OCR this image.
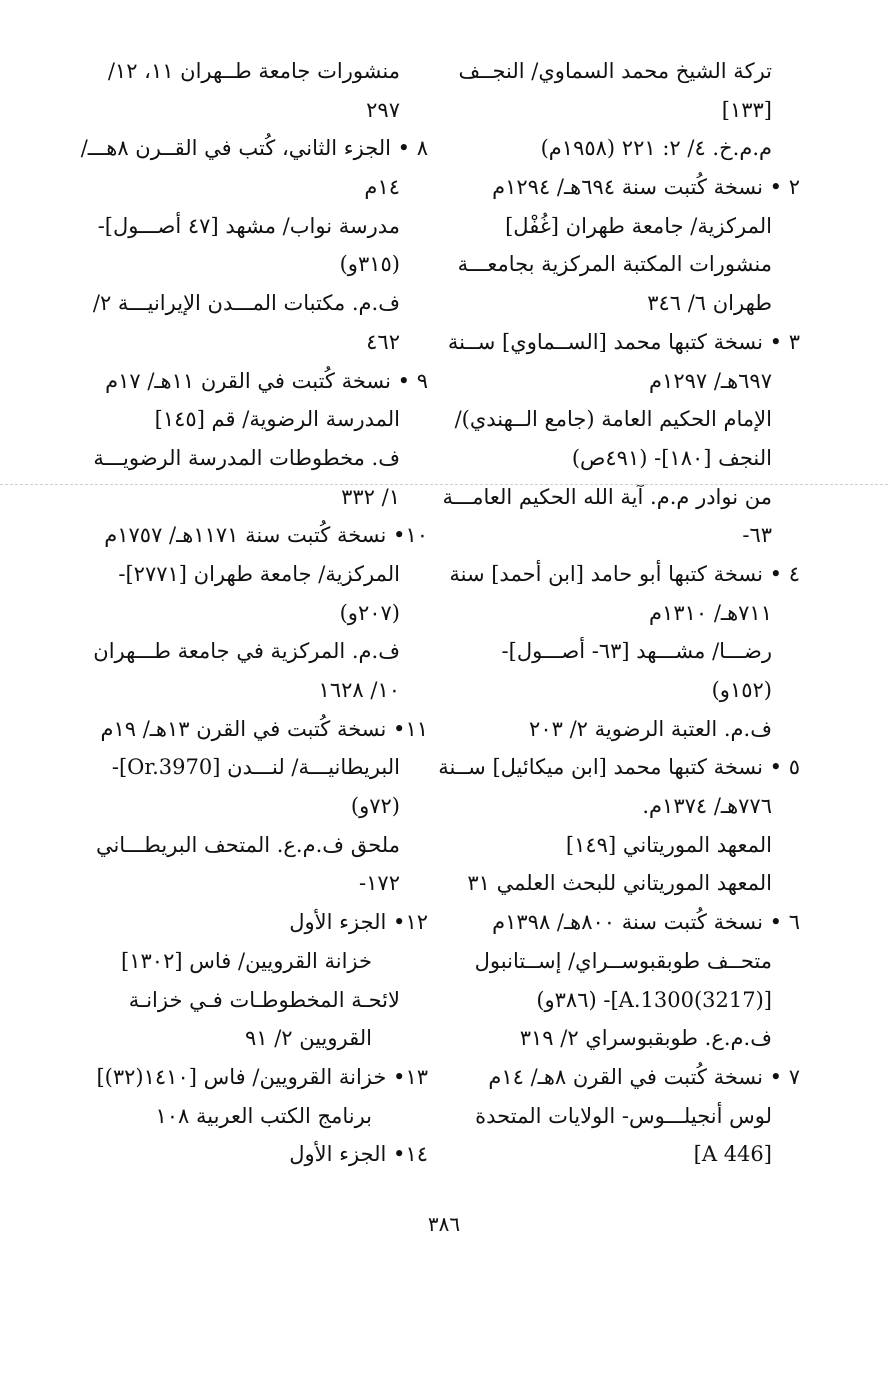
تركة الشيخ محمد السماوي/ النجــف
[١٣٣]
م.م.خ. ٤/ ٢: ٢٢١ (١٩٥٨م)
٢ • نسخة كُتبت سنة ٦٩٤هـ/ ١٢٩٤م
المركزية/ جامعة طهران [غُفْل]
منشورات المكتبة المركزية بجامعـــة
طهران ٦/ ٣٤٦
٣ • نسخة كتبها محمد [الســماوي] ســنة
٦٩٧هـ/ ١٢٩٧م
الإمام الحكيم العامة (جامع الــهندي)/
النجف [١٨٠]- (٤٩١ص)
من نوادر م.م. آية الله الحكيم العامـــة
٦٣-
٤ • نسخة كتبها أبو حامد [ابن أحمد] سنة
٧١١هـ/ ١٣١٠م
رضـــا/ مشـــهد [٦٣- أصـــول]-
(١٥٢و)
ف.م. العتبة الرضوية ٢/ ٢٠٣
٥ • نسخة كتبها محمد [ابن ميكائيل] ســنة
٧٧٦هـ/ ١٣٧٤م.
المعهد الموريتاني [١٤٩]
المعهد الموريتاني للبحث العلمي ٣١
٦ • نسخة كُتبت سنة ٨٠٠هـ/ ١٣٩٨م
متحــف طوبقبوســراي/ إســتانبول
[A.1300(3217)]- (٣٨٦و)
ف.م.ع. طوبقبوسراي ٢/ ٣١٩
٧ • نسخة كُتبت في القرن ٨هـ/ ١٤م
لوس أنجيلـــوس- الولايات المتحدة
[A 446]
منشورات جامعة طــهران ١١، ١٢/
٢٩٧
٨ • الجزء الثاني، كُتب في القــرن ٨هـــ/
١٤م
مدرسة نواب/ مشهد [٤٧ أصـــول]-
(٣١٥و)
ف.م. مكتبات المـــدن الإيرانيـــة ٢/
٤٦٢
٩ • نسخة كُتبت في القرن ١١هـ/ ١٧م
المدرسة الرضوية/ قم [١٤٥]
ف. مخطوطات المدرسة الرضويـــة
١/ ٣٣٢
١٠• نسخة كُتبت سنة ١١٧١هـ/ ١٧٥٧م
المركزية/ جامعة طهران [٢٧٧١]-
(٢٠٧و)
ف.م. المركزية في جامعة طـــهران
١٠/ ١٦٢٨
١١• نسخة كُتبت في القرن ١٣هـ/ ١٩م
البريطانيـــة/ لنـــدن [Or.3970]-
(٧٢و)
ملحق ف.م.ع. المتحف البريطـــاني
١٧٢-
١٢• الجزء الأول
خزانة القرويين/ فاس [١٣٠٢]
لائحـة المخطوطـات فـي خزانـة
القرويين ٢/ ٩١
١٣• خزانة القرويين/ فاس [١٤١٠(٣٢)]
برنامج الكتب العربية ١٠٨
١٤• الجزء الأول
٣٨٦
